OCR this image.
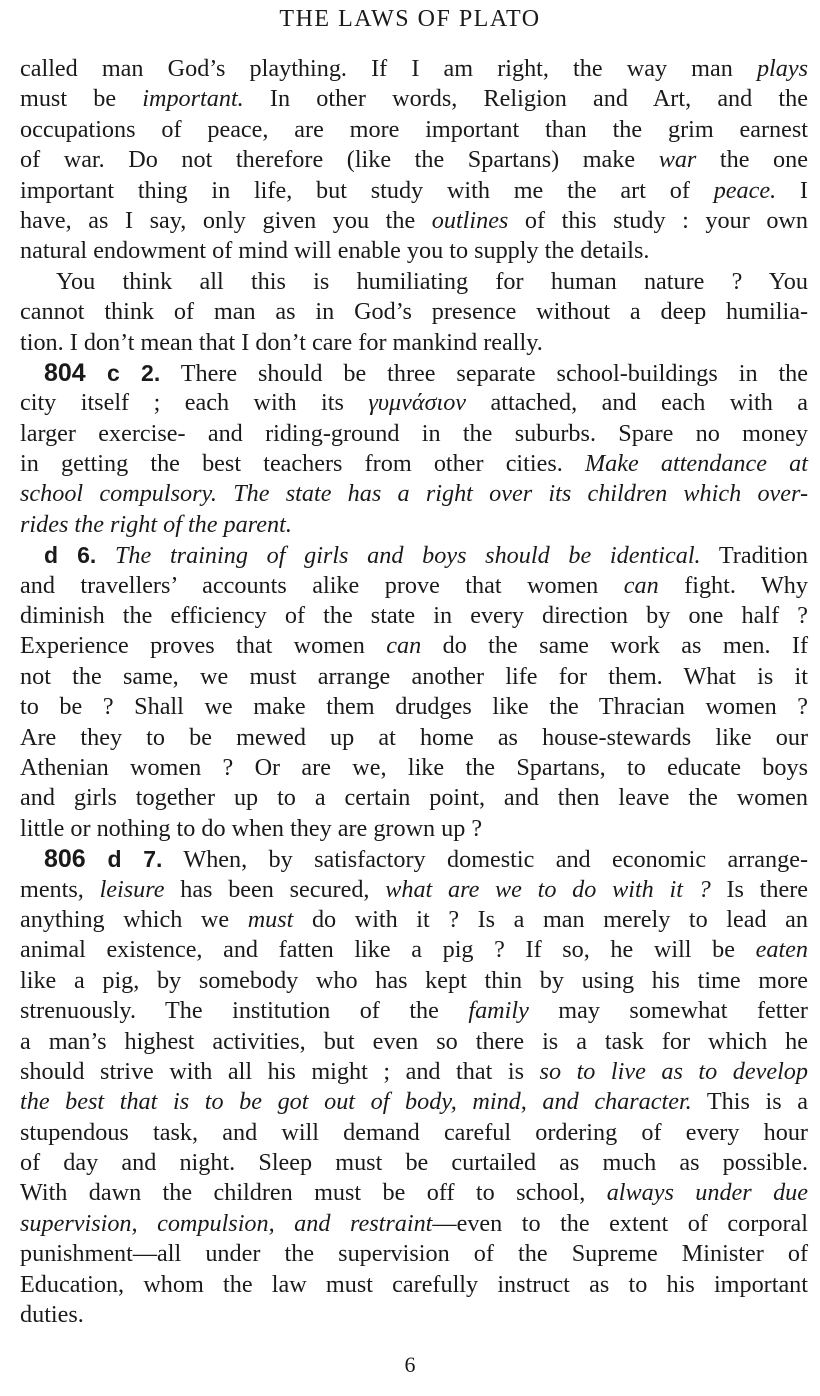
THE LAWS OF PLATO
called man God’s plaything. If I am right, the way man plays
must be important. In other words, Religion and Art, and the
occupations of peace, are more important than the grim earnest
of war. Do not therefore (like the Spartans) make war the one
important thing in life, but study with me the art of peace. I
have, as I say, only given you the outlines of this study : your own
natural endowment of mind will enable you to supply the details.
You think all this is humiliating for human nature ? You
cannot think of man as in God’s presence without a deep humilia-
tion. I don’t mean that I don’t care for mankind really.
804 c 2. There should be three separate school-buildings in the
city itself ; each with its γυμνάσιον attached, and each with a
larger exercise- and riding-ground in the suburbs. Spare no money
in getting the best teachers from other cities. Make attendance at
school compulsory. The state has a right over its children which over-
rides the right of the parent.
d 6. The training of girls and boys should be identical. Tradition
and travellers’ accounts alike prove that women can fight. Why
diminish the efficiency of the state in every direction by one half ?
Experience proves that women can do the same work as men. If
not the same, we must arrange another life for them. What is it
to be ? Shall we make them drudges like the Thracian women ?
Are they to be mewed up at home as house-stewards like our
Athenian women ? Or are we, like the Spartans, to educate boys
and girls together up to a certain point, and then leave the women
little or nothing to do when they are grown up ?
806 d 7. When, by satisfactory domestic and economic arrange-
ments, leisure has been secured, what are we to do with it ? Is there
anything which we must do with it ? Is a man merely to lead an
animal existence, and fatten like a pig ? If so, he will be eaten
like a pig, by somebody who has kept thin by using his time more
strenuously. The institution of the family may somewhat fetter
a man’s highest activities, but even so there is a task for which he
should strive with all his might ; and that is so to live as to develop
the best that is to be got out of body, mind, and character. This is a
stupendous task, and will demand careful ordering of every hour
of day and night. Sleep must be curtailed as much as possible.
With dawn the children must be off to school, always under due
supervision, compulsion, and restraint—even to the extent of corporal
punishment—all under the supervision of the Supreme Minister of
Education, whom the law must carefully instruct as to his important
duties.
6
